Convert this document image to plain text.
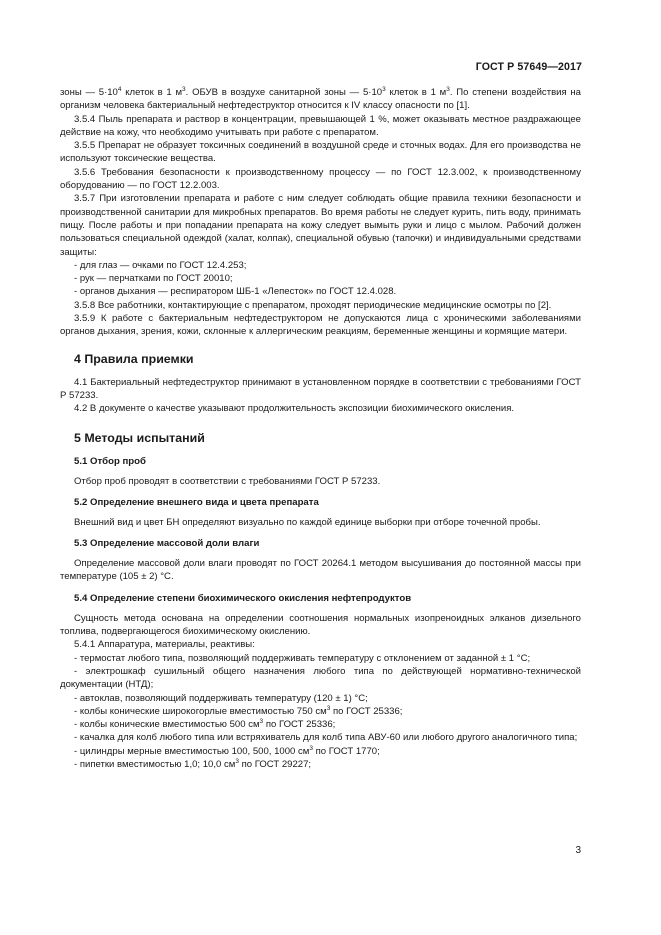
ГОСТ Р 57649—2017

зоны — $5\cdot 10^4$ клеток в 1 $м^3$. ОБУВ в воздухе санитарной зоны — $5\cdot 10^3$ клеток в 1 $м^3$. По степени воздействия на организм человека бактериальный нефтедеструктор относится к IV классу опасности по [1].

3.5.4 Пыль препарата и раствор в концентрации, превышающей 1 %, может оказывать местное раздражающее действие на кожу, что необходимо учитывать при работе с препаратом.

3.5.5 Препарат не образует токсичных соединений в воздушной среде и сточных водах. Для его производства не используют токсические вещества.

3.5.6 Требования безопасности к производственному процессу — по ГОСТ 12.3.002, к производственному оборудованию — по ГОСТ 12.2.003.

3.5.7 При изготовлении препарата и работе с ним следует соблюдать общие правила техники безопасности и производственной санитарии для микробных препаратов. Во время работы не следует курить, пить воду, принимать пищу. После работы и при попадании препарата на кожу следует вымыть руки и лицо с мылом. Рабочий должен пользоваться специальной одеждой (халат, колпак), специальной обувью (тапочки) и индивидуальными средствами защиты:

- для глаз — очками по ГОСТ 12.4.253;

- рук — перчатками по ГОСТ 20010;

- органов дыхания — респиратором ШБ-1 «Лепесток» по ГОСТ 12.4.028.

3.5.8 Все работники, контактирующие с препаратом, проходят периодические медицинские осмотры по [2].

3.5.9 К работе с бактериальным нефтедеструктором не допускаются лица с хроническими заболеваниями органов дыхания, зрения, кожи, склонные к аллергическим реакциям, беременные женщины и кормящие матери.

4 Правила приемки

4.1 Бактериальный нефтедеструктор принимают в установленном порядке в соответствии с требованиями ГОСТ Р 57233.

4.2 В документе о качестве указывают продолжительность экспозиции биохимического окисления.

5 Методы испытаний
5.1 Отбор проб

Отбор проб проводят в соответствии с требованиями ГОСТ Р 57233.

5.2 Определение внешнего вида и цвета препарата

Внешний вид и цвет БН определяют визуально по каждой единице выборки при отборе точечной пробы.

5.3 Определение массовой доли влаги

Определение массовой доли влаги проводят по ГОСТ 20264.1 методом высушивания до постоянной массы при температуре (105 ± 2) °С.

5.4 Определение степени биохимического окисления нефтепродуктов

Сущность метода основана на определении соотношения нормальных изопреноидных элканов дизельного топлива, подвергающегося биохимическому окислению.

5.4.1 Аппаратура, материалы, реактивы:

- термостат любого типа, позволяющий поддерживать температуру с отклонением от заданной ± 1 °С;

- электрошкаф сушильный общего назначения любого типа по действующей нормативно-технической документации (НТД);

- автоклав, позволяющий поддерживать температуру (120 ± 1) °С;

- колбы конические широкогорлые вместимостью 750 $см^3$ по ГОСТ 25336;

- колбы конические вместимостью 500 $см^3$ по ГОСТ 25336;

- качалка для колб любого типа или встряхиватель для колб типа АВУ-60 или любого другого аналогичного типа;

- цилиндры мерные вместимостью 100, 500, 1000 $см^3$ по ГОСТ 1770;

- пипетки вместимостью 1,0; 10,0 $см^3$ по ГОСТ 29227;

3
